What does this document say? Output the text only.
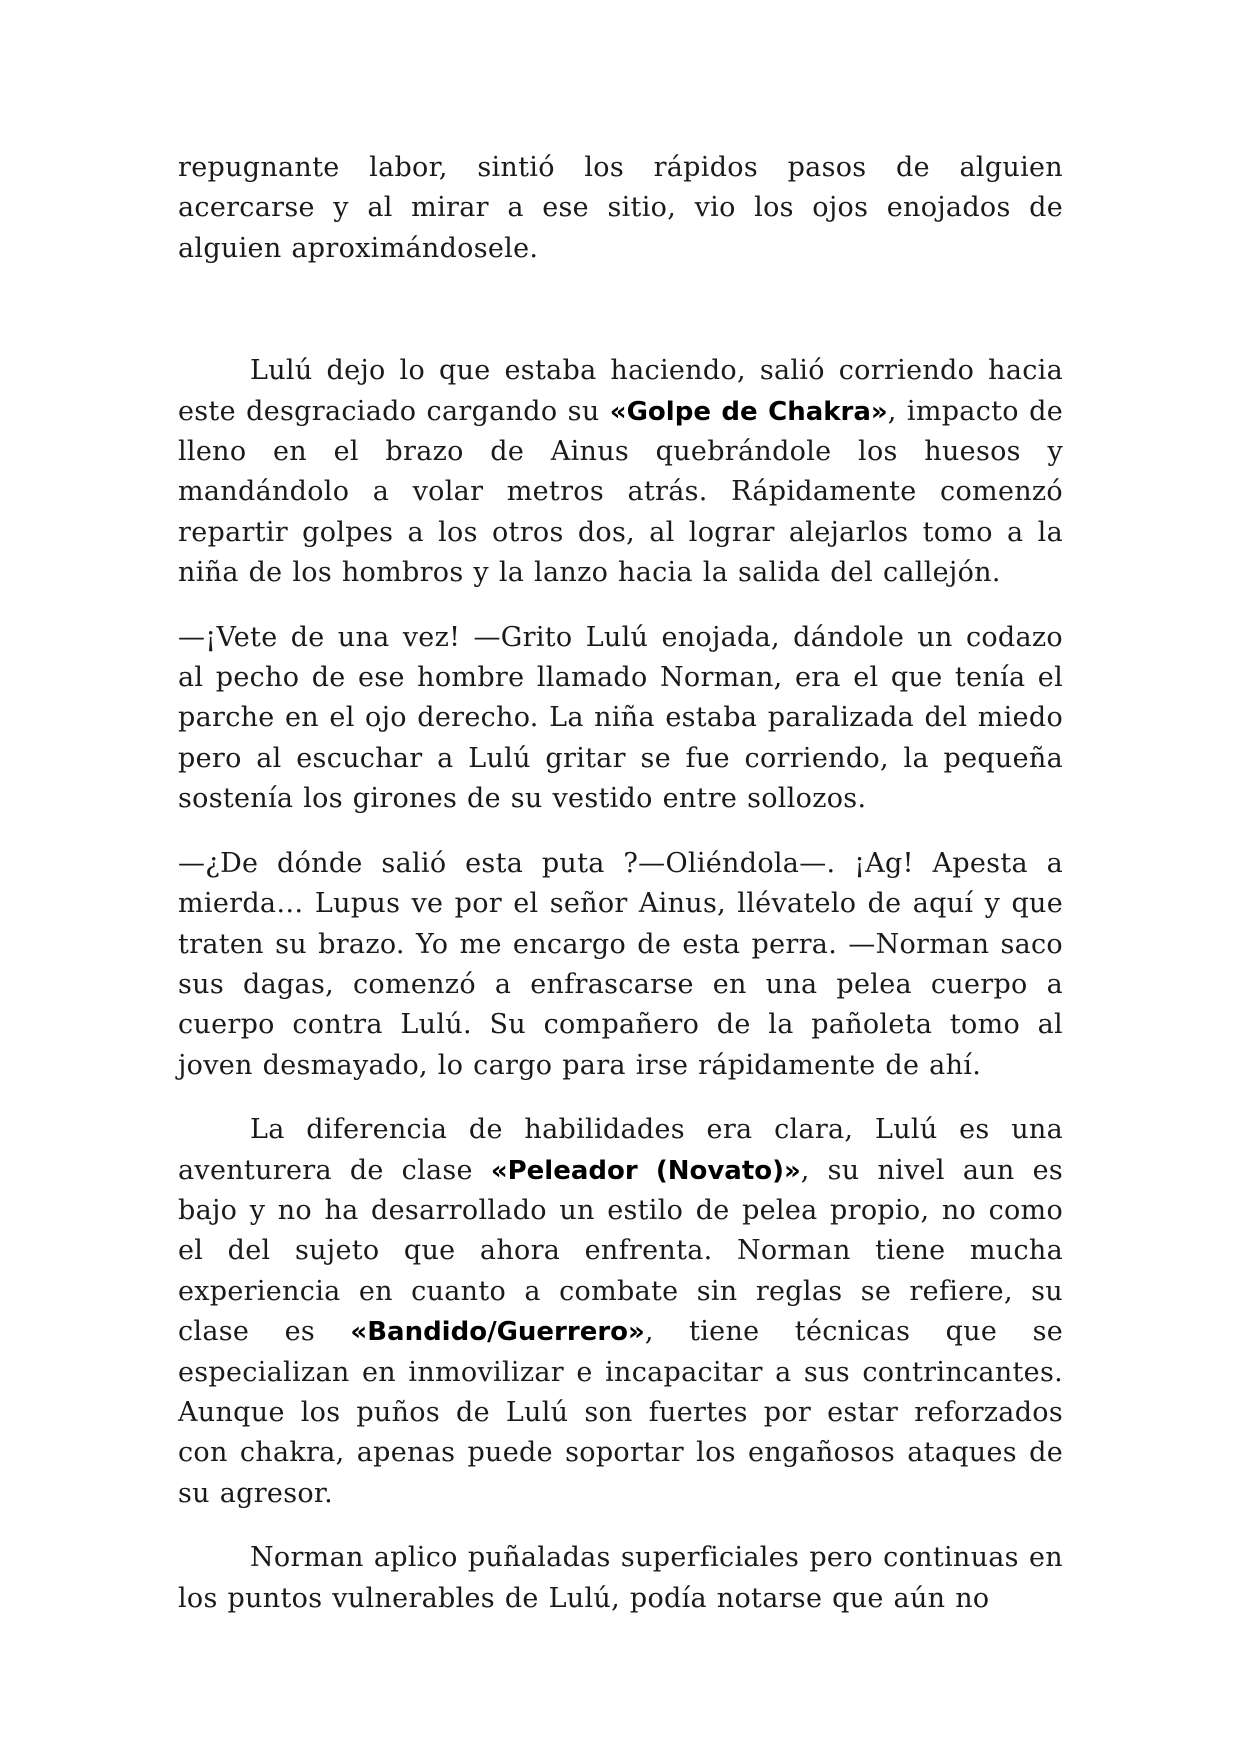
repugnante labor, sintió los rápidos pasos de alguien acercarse y al mirar a ese sitio, vio los ojos enojados de alguien aproximándosele.

Lulú dejo lo que estaba haciendo, salió corriendo hacia este desgraciado cargando su «Golpe de Chakra», impacto de lleno en el brazo de Ainus quebrándole los huesos y mandándolo a volar metros atrás. Rápidamente comenzó repartir golpes a los otros dos, al lograr alejarlos tomo a la niña de los hombros y la lanzo hacia la salida del callejón.

—¡Vete de una vez! —Grito Lulú enojada, dándole un codazo al pecho de ese hombre llamado Norman, era el que tenía el parche en el ojo derecho. La niña estaba paralizada del miedo pero al escuchar a Lulú gritar se fue corriendo, la pequeña sostenía los girones de su vestido entre sollozos.

—¿De dónde salió esta puta ?—Oliéndola—. ¡Ag! Apesta a mierda… Lupus ve por el señor Ainus, llévatelo de aquí y que traten su brazo. Yo me encargo de esta perra. —Norman saco sus dagas, comenzó a enfrascarse en una pelea cuerpo a cuerpo contra Lulú. Su compañero de la pañoleta tomo al joven desmayado, lo cargo para irse rápidamente de ahí.

La diferencia de habilidades era clara, Lulú es una aventurera de clase «Peleador (Novato)», su nivel aun es bajo y no ha desarrollado un estilo de pelea propio, no como el del sujeto que ahora enfrenta. Norman tiene mucha experiencia en cuanto a combate sin reglas se refiere, su clase es «Bandido/Guerrero», tiene técnicas que se especializan en inmovilizar e incapacitar a sus contrincantes. Aunque los puños de Lulú son fuertes por estar reforzados con chakra, apenas puede soportar los engañosos ataques de su agresor.

Norman aplico puñaladas superficiales pero continuas en los puntos vulnerables de Lulú, podía notarse que aún no
